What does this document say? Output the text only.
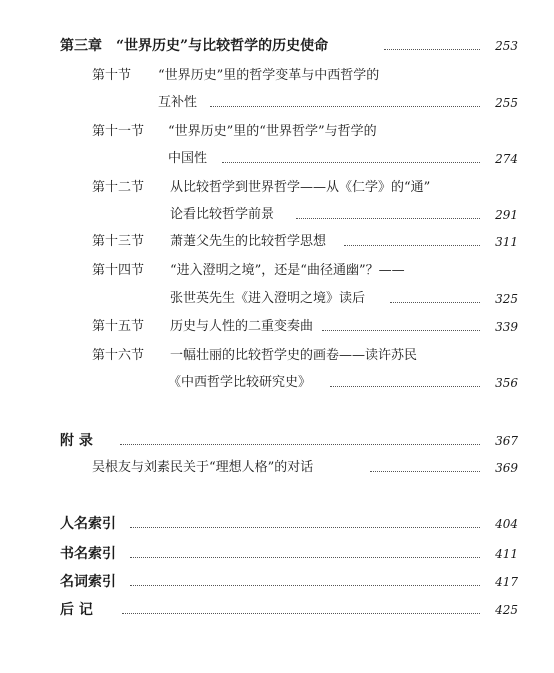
第三章 “世界历史”与比较哲学的历史使命	253
第十节 “世界历史”里的哲学变革与中西哲学的
互补性	255
第十一节 “世界历史”里的“世界哲学”与哲学的
中国性	274
第十二节 从比较哲学到世界哲学——从《仁学》的“通”
论看比较哲学前景	291
第十三节 萧萐父先生的比较哲学思想	311
第十四节 “进入澄明之境”，还是“曲径通幽”？——
张世英先生《进入澄明之境》读后	325
第十五节 历史与人性的二重变奏曲	339
第十六节 一幅壮丽的比较哲学史的画卷——读许苏民
《中西哲学比较研究史》	356
附 录	367
吴根友与刘素民关于“理想人格”的对话	369
人名索引	404
书名索引	411
名词索引	417
后 记	425
